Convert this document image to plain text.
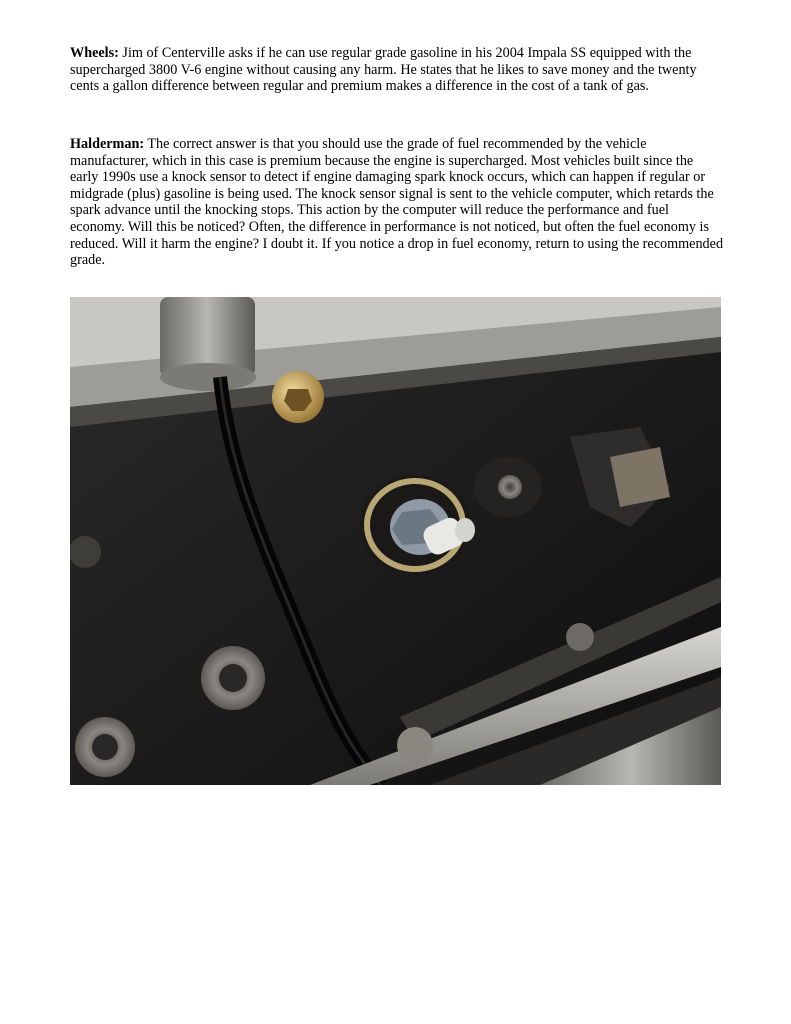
Wheels: Jim of Centerville asks if he can use regular grade gasoline in his 2004 Impala SS equipped with the supercharged 3800 V-6 engine without causing any harm. He states that he likes to save money and the twenty cents a gallon difference between regular and premium makes a difference in the cost of a tank of gas.

Halderman: The correct answer is that you should use the grade of fuel recommended by the vehicle manufacturer, which in this case is premium because the engine is supercharged. Most vehicles built since the early 1990s use a knock sensor to detect if engine damaging spark knock occurs, which can happen if regular or midgrade (plus) gasoline is being used. The knock sensor signal is sent to the vehicle computer, which retards the spark advance until the knocking stops. This action by the computer will reduce the performance and fuel economy. Will this be noticed? Often, the difference in performance is not noticed, but often the fuel economy is reduced. Will it harm the engine? I doubt it. If you notice a drop in fuel economy, return to using the recommended grade.
